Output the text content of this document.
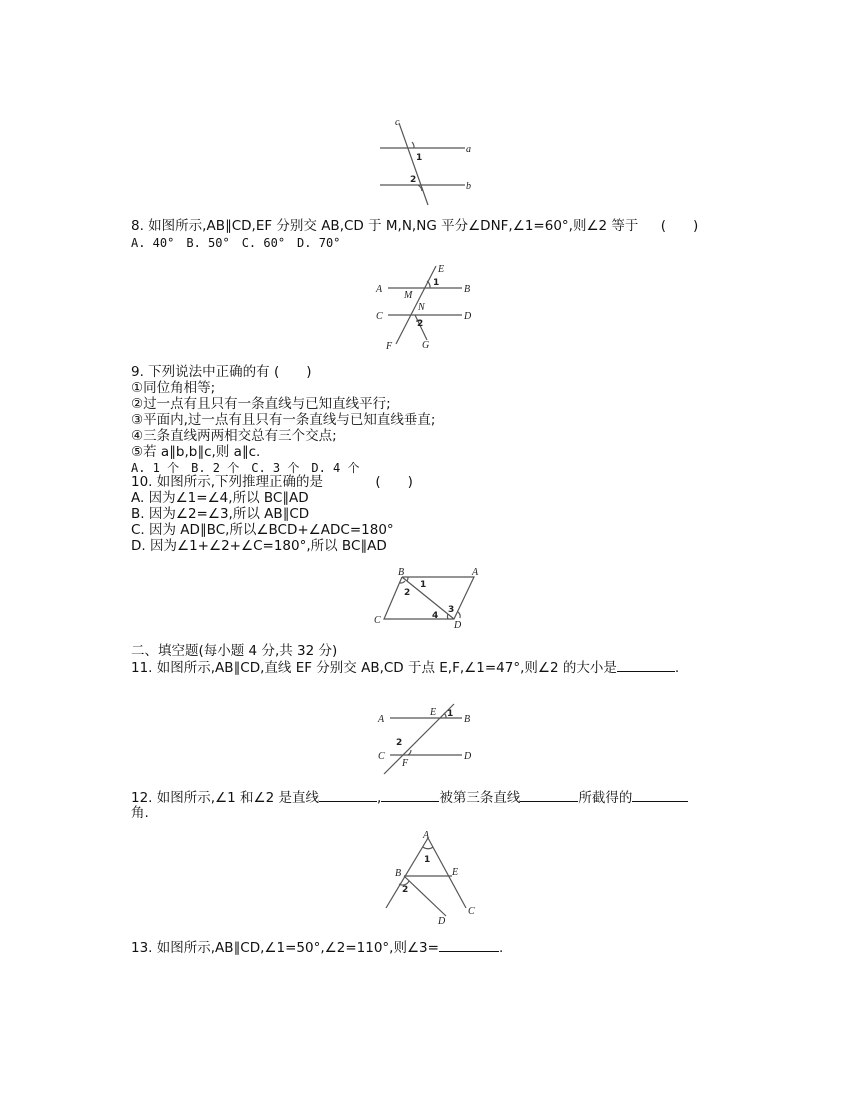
c
a
b
1
2
8. 如图所示,AB∥CD,EF 分别交 AB,CD 于 M,N,NG 平分∠DNF,∠1=60°,则∠2 等于 (　　)
A. 40°　B. 50°　C. 60°　D. 70°
A	B
C	D
E
F	G
M
N
1
2
9. 下列说法中正确的有 (　　)
①同位角相等;
②过一点有且只有一条直线与已知直线平行;
③平面内,过一点有且只有一条直线与已知直线垂直;
④三条直线两两相交总有三个交点;
⑤若 a∥b,b∥c,则 a∥c.
A. 1 个　B. 2 个　C. 3 个　D. 4 个
10. 如图所示,下列推理正确的是	(　　)
A. 因为∠1=∠4,所以 BC∥AD
B. 因为∠2=∠3,所以 AB∥CD
C. 因为 AD∥BC,所以∠BCD+∠ADC=180°
D. 因为∠1+∠2+∠C=180°,所以 BC∥AD
B	A
C	D
1
2
3
4
二、填空题(每小题 4 分,共 32 分)
11. 如图所示,AB∥CD,直线 EF 分别交 AB,CD 于点 E,F,∠1=47°,则∠2 的大小是	.
A	B
C	D
E
F
1
2
12. 如图所示,∠1 和∠2 是直线	,	被第三条直线	所截得的
角.
A
B
C
D
E
1
2
13. 如图所示,AB∥CD,∠1=50°,∠2=110°,则∠3=	.
